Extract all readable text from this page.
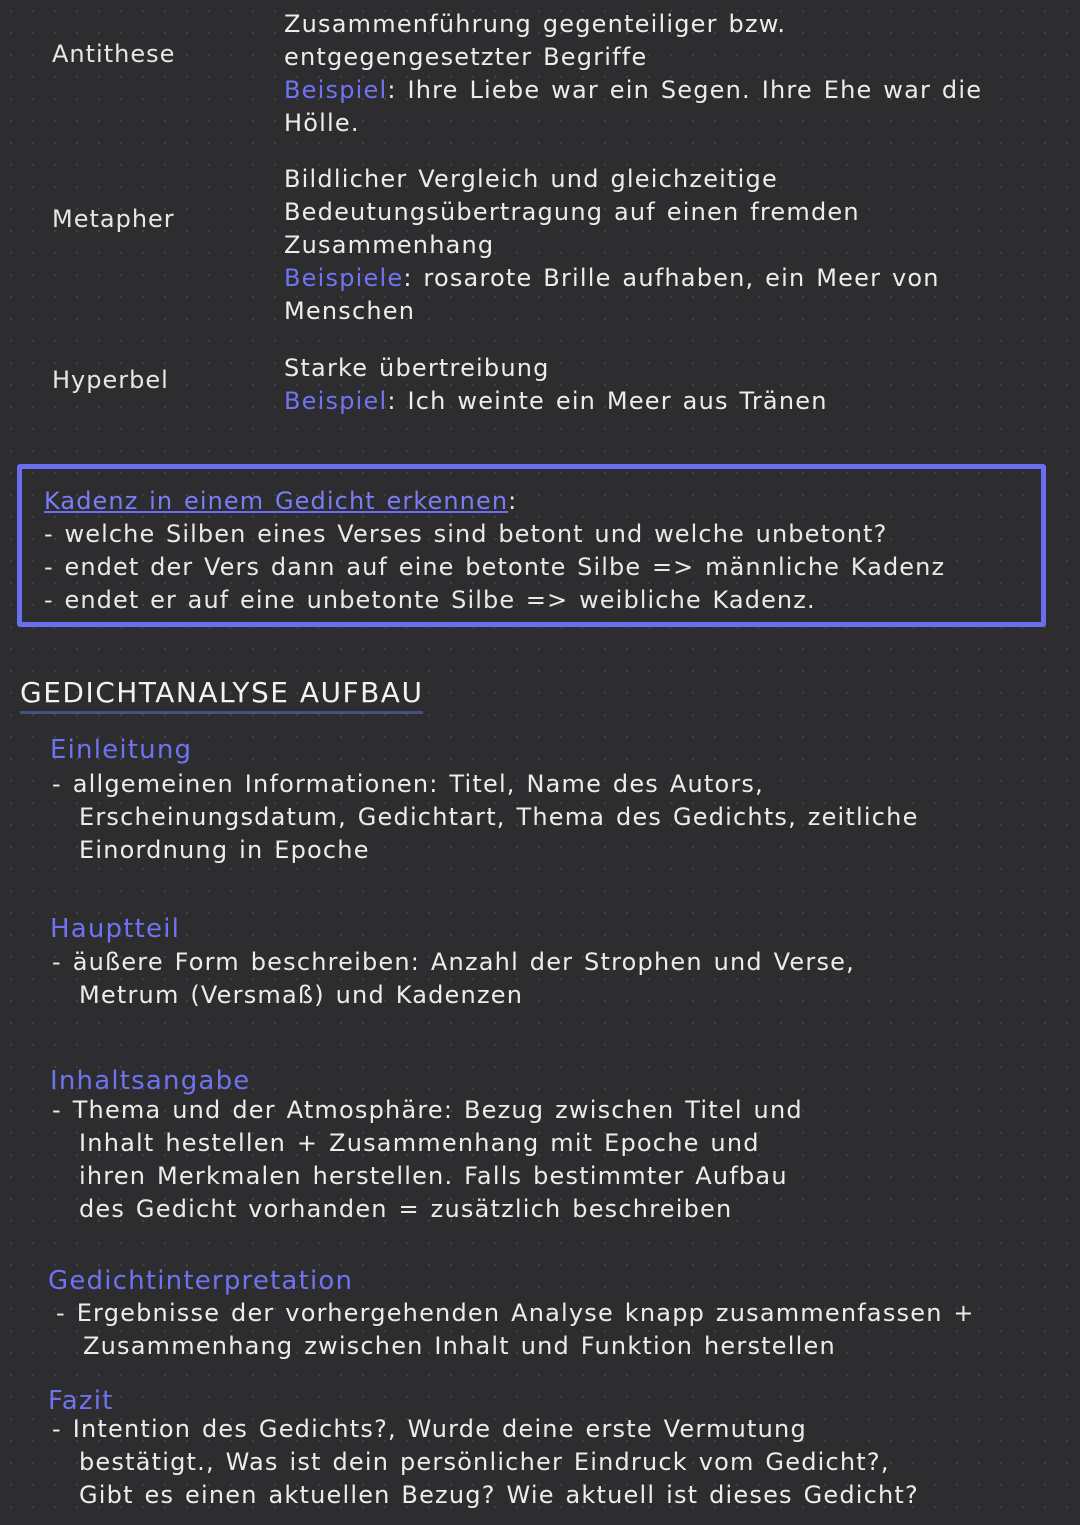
Antithese

Zusammenführung gegenteiliger bzw.

entgegengesetzter Begriffe

Beispiel: Ihre Liebe war ein Segen. Ihre Ehe war die

Hölle.

Metapher

Bildlicher Vergleich und gleichzeitige

Bedeutungsübertragung auf einen fremden

Zusammenhang

Beispiele: rosarote Brille aufhaben, ein Meer von

Menschen

Hyperbel	Starke übertreibung

Beispiel: Ich weinte ein Meer aus Tränen

Kadenz in einem Gedicht erkennen:

- welche Silben eines Verses sind betont und welche unbetont?

- endet der Vers dann auf eine betonte Silbe => männliche Kadenz

- endet er auf eine unbetonte Silbe => weibliche Kadenz.

GEDICHTANALYSE AUFBAU
Einleitung

- allgemeinen Informationen: Titel, Name des Autors,

Erscheinungsdatum, Gedichtart, Thema des Gedichts, zeitliche

Einordnung in Epoche

Hauptteil

- äußere Form beschreiben: Anzahl der Strophen und Verse,

Metrum (Versmaß) und Kadenzen

Inhaltsangabe

- Thema und der Atmosphäre: Bezug zwischen Titel und

Inhalt hestellen + Zusammenhang mit Epoche und

ihren Merkmalen herstellen. Falls bestimmter Aufbau

des Gedicht vorhanden = zusätzlich beschreiben

Gedichtinterpretation

- Ergebnisse der vorhergehenden Analyse knapp zusammenfassen +

Zusammenhang zwischen Inhalt und Funktion herstellen

Fazit

- Intention des Gedichts?, Wurde deine erste Vermutung

bestätigt., Was ist dein persönlicher Eindruck vom Gedicht?,

Gibt es einen aktuellen Bezug? Wie aktuell ist dieses Gedicht?
